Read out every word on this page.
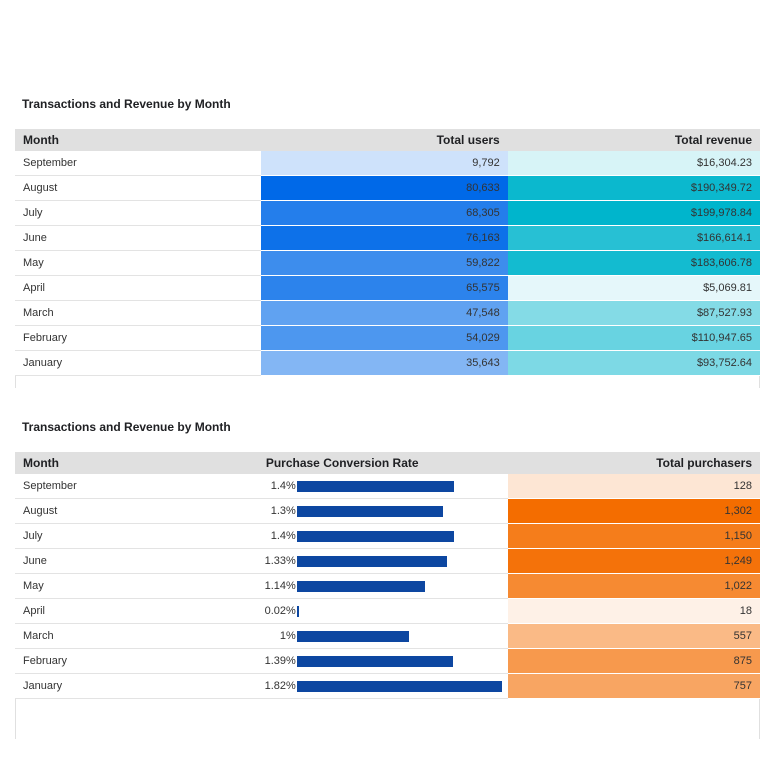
Transactions and Revenue by Month
Month	Total users	Total revenue
September	9,792	$16,304.23
August	80,633	$190,349.72
July	68,305	$199,978.84
June	76,163	$166,614.1
May	59,822	$183,606.78
April	65,575	$5,069.81
March	47,548	$87,527.93
February	54,029	$110,947.65
January	35,643	$93,752.64
Transactions and Revenue by Month
Month	Purchase Conversion Rate	Total purchasers
September	1.4%	128
August	1.3%	1,302
July	1.4%	1,150
June	1.33%	1,249
May	1.14%	1,022
April	0.02%	18
March	1%	557
February	1.39%	875
January	1.82%	757
